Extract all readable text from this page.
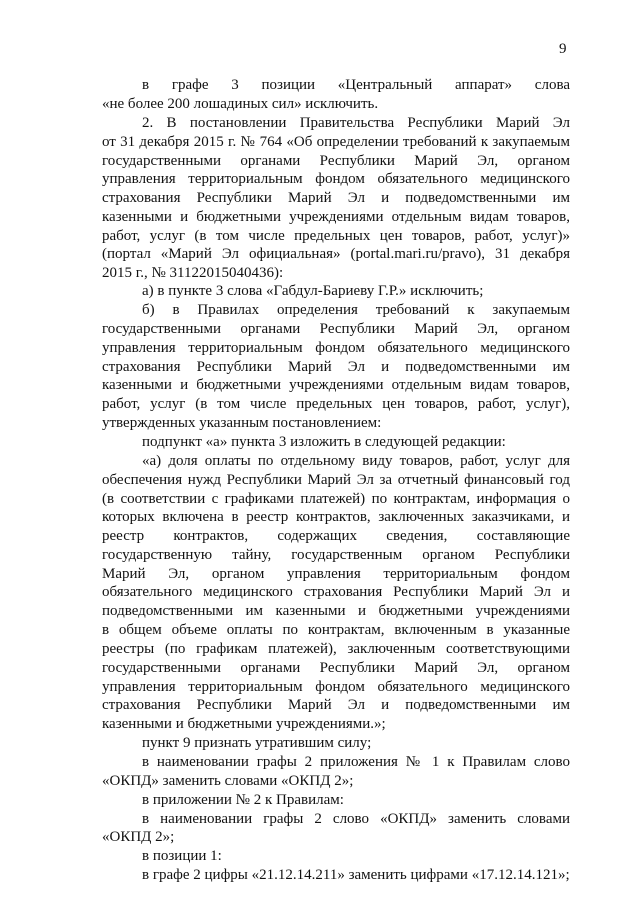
9
в графе 3 позиции «Центральный аппарат» слова
«не более 200 лошадиных сил» исключить.
2. В постановлении Правительства Республики Марий Эл
от 31 декабря 2015 г. № 764 «Об определении требований к закупаемым
государственными органами Республики Марий Эл, органом
управления территориальным фондом обязательного медицинского
страхования Республики Марий Эл и подведомственными им
казенными и бюджетными учреждениями отдельным видам товаров,
работ, услуг (в том числе предельных цен товаров, работ, услуг)»
(портал «Марий Эл официальная» (portal.mari.ru/pravo), 31 декабря
2015 г., № 31122015040436):
а) в пункте 3 слова «Габдул-Бариеву Г.Р.» исключить;
б) в Правилах определения требований к закупаемым
государственными органами Республики Марий Эл, органом
управления территориальным фондом обязательного медицинского
страхования Республики Марий Эл и подведомственными им
казенными и бюджетными учреждениями отдельным видам товаров,
работ, услуг (в том числе предельных цен товаров, работ, услуг),
утвержденных указанным постановлением:
подпункт «а» пункта 3 изложить в следующей редакции:
«а) доля оплаты по отдельному виду товаров, работ, услуг для
обеспечения нужд Республики Марий Эл за отчетный финансовый год
(в соответствии с графиками платежей) по контрактам, информация о
которых включена в реестр контрактов, заключенных заказчиками, и
реестр контрактов, содержащих сведения, составляющие
государственную тайну, государственным органом Республики
Марий Эл, органом управления территориальным фондом
обязательного медицинского страхования Республики Марий Эл и
подведомственными им казенными и бюджетными учреждениями
в общем объеме оплаты по контрактам, включенным в указанные
реестры (по графикам платежей), заключенным соответствующими
государственными органами Республики Марий Эл, органом
управления территориальным фондом обязательного медицинского
страхования Республики Марий Эл и подведомственными им
казенными и бюджетными учреждениями.»;
пункт 9 признать утратившим силу;
в наименовании графы 2 приложения № 1 к Правилам слово
«ОКПД» заменить словами «ОКПД 2»;
в приложении № 2 к Правилам:
в наименовании графы 2 слово «ОКПД» заменить словами
«ОКПД 2»;
в позиции 1:
в графе 2 цифры «21.12.14.211» заменить цифрами «17.12.14.121»;
